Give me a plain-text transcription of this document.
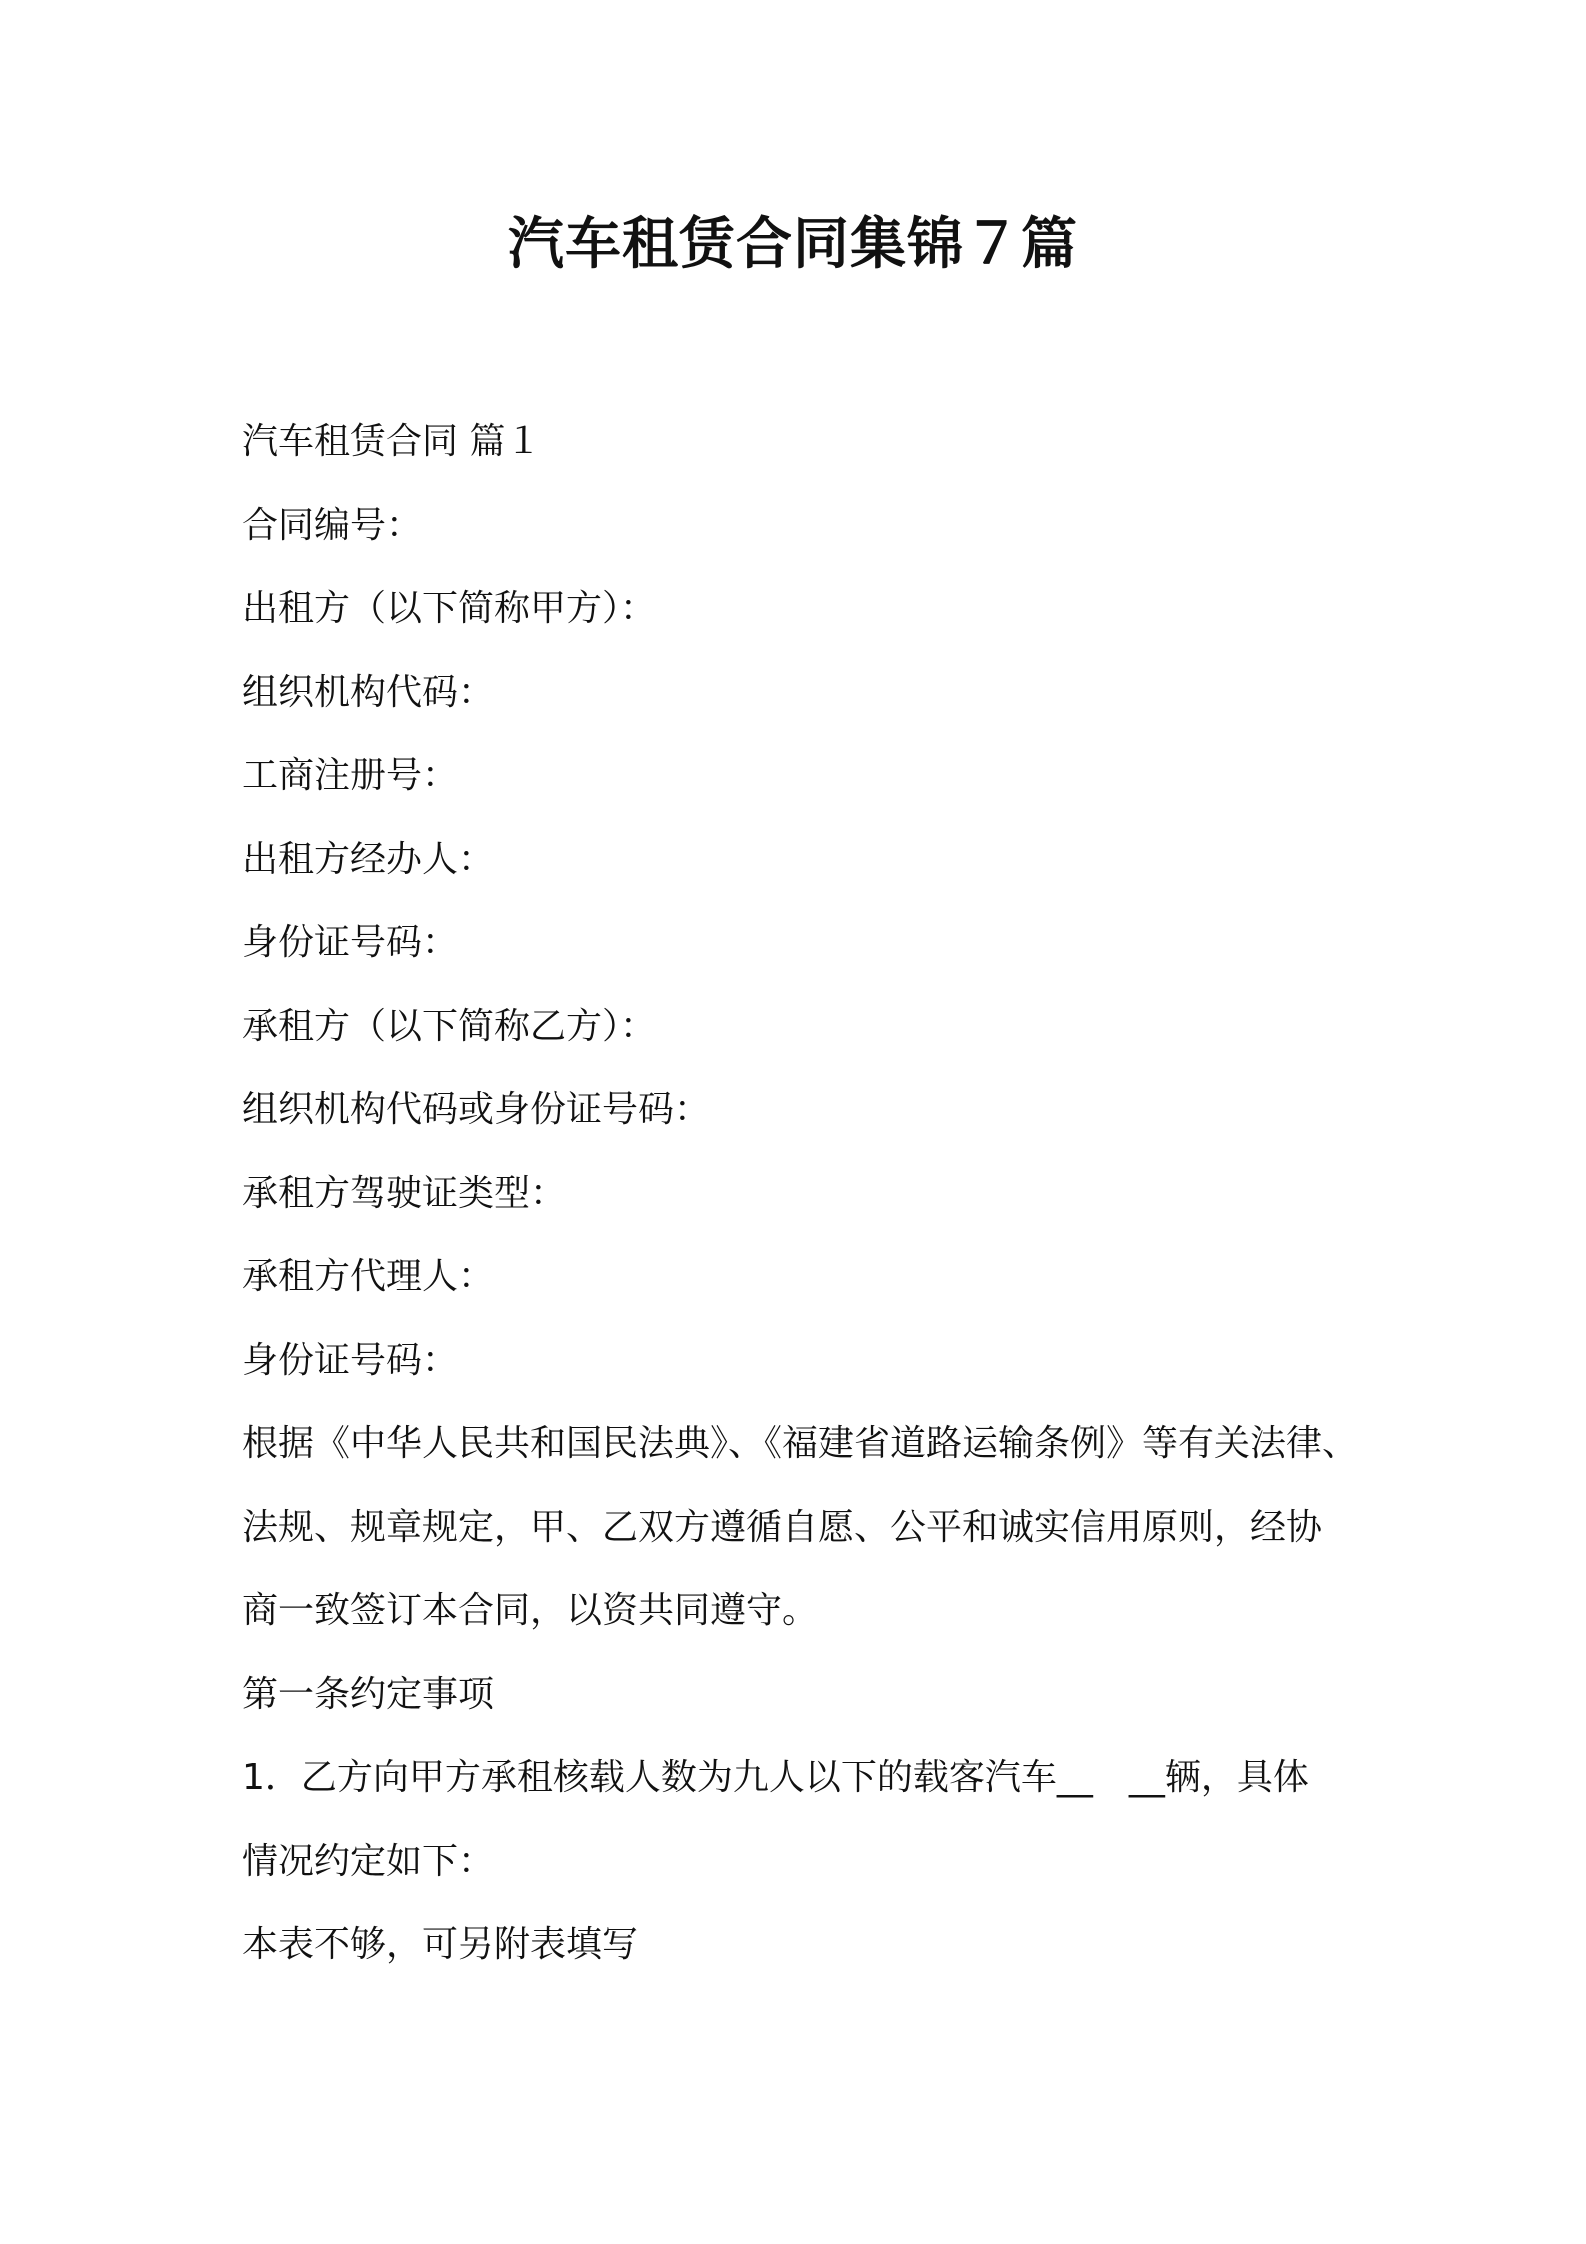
汽车租赁合同集锦７篇

汽车租赁合同 篇１

合同编号：

出租方（以下简称甲方）：

组织机构代码：

工商注册号：

出租方经办人：

身份证号码：

承租方（以下简称乙方）：

组织机构代码或身份证号码：

承租方驾驶证类型：

承租方代理人：

身份证号码：

根据《中华人民共和国民法典》、《福建省道路运输条例》等有关法律、

法规、规章规定，甲、乙双方遵循自愿、公平和诚实信用原则，经协

商一致签订本合同，以资共同遵守。

第一条约定事项

1．乙方向甲方承租核载人数为九人以下的载客汽车__　__辆，具体

情况约定如下：

本表不够，可另附表填写
